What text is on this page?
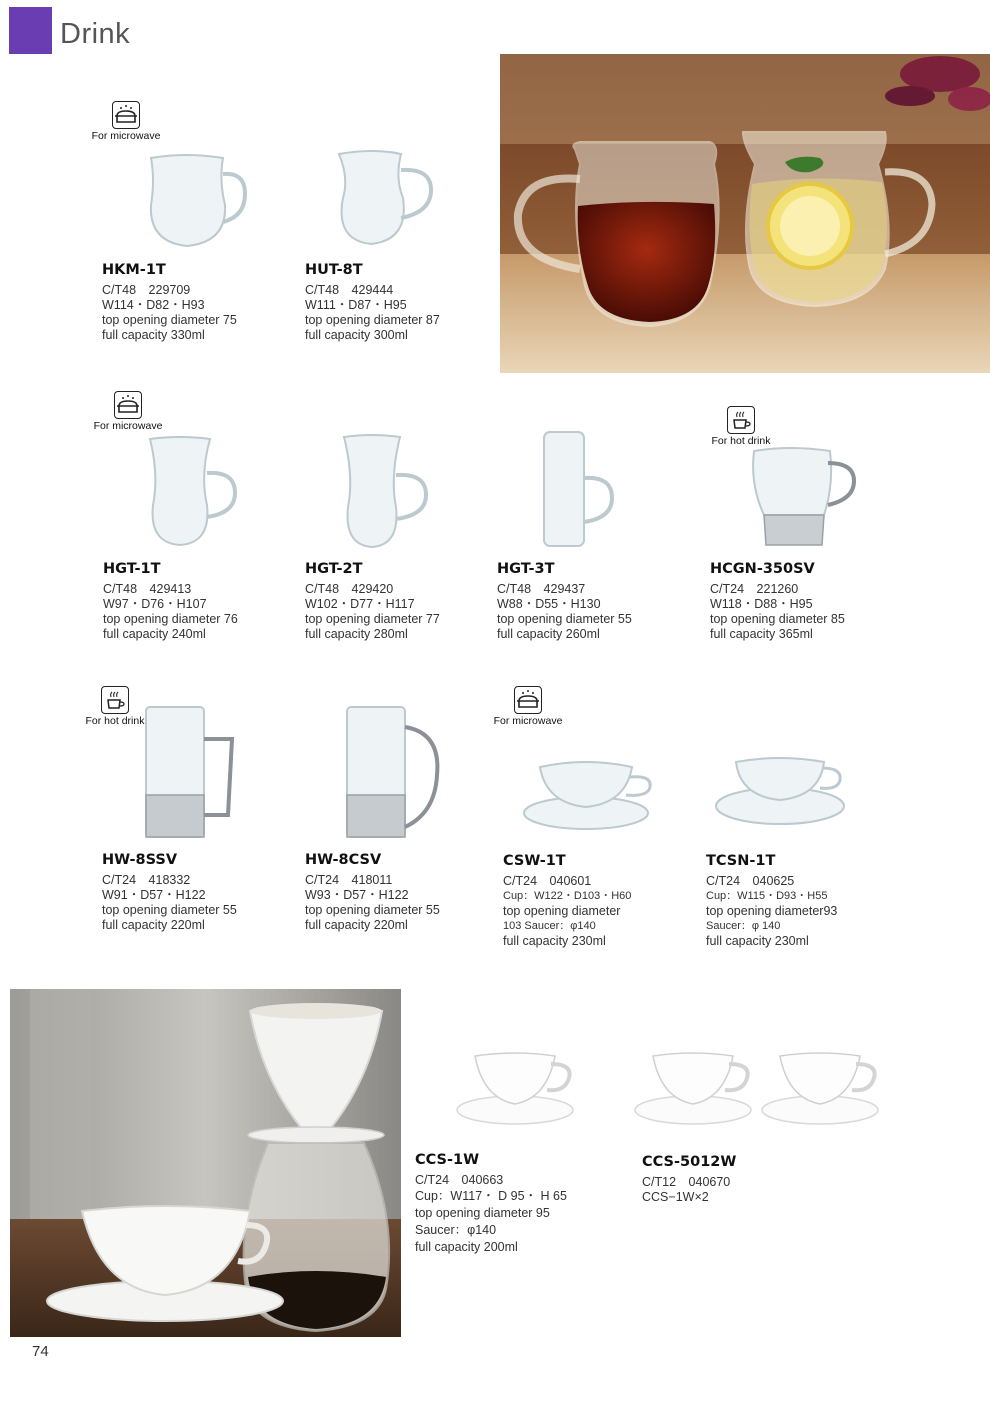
Drink
For microwave
HKM-1T
C/T48　229709
W114・D82・H93
top opening diameter 75
full capacity 330ml
HUT-8T
C/T48　429444
W111・D87・H95
top opening diameter 87
full capacity 300ml
For microwave
HGT-1T
C/T48　429413
W97・D76・H107
top opening diameter 76
full capacity 240ml
HGT-2T
C/T48　429420
W102・D77・H117
top opening diameter 77
full capacity 280ml
HGT-3T
C/T48　429437
W88・D55・H130
top opening diameter 55
full capacity 260ml
For hot drink
HCGN-350SV
C/T24　221260
W118・D88・H95
top opening diameter 85
full capacity 365ml
For hot drink
HW-8SSV
C/T24　418332
W91・D57・H122
top opening diameter 55
full capacity 220ml
HW-8CSV
C/T24　418011
W93・D57・H122
top opening diameter 55
full capacity 220ml
For microwave
CSW-1T
C/T24　040601
Cup：W122・D103・H60
top opening diameter
103 Saucer：φ140
full capacity 230ml
TCSN-1T
C/T24　040625
Cup：W115・D93・H55
top opening diameter93
Saucer：φ 140
full capacity 230ml
CCS-1W
C/T24　040663
Cup：W117・ D 95・ H 65
top opening diameter 95
Saucer：φ140
full capacity 200ml
CCS-5012W
C/T12　040670
CCS−1W×2
74
